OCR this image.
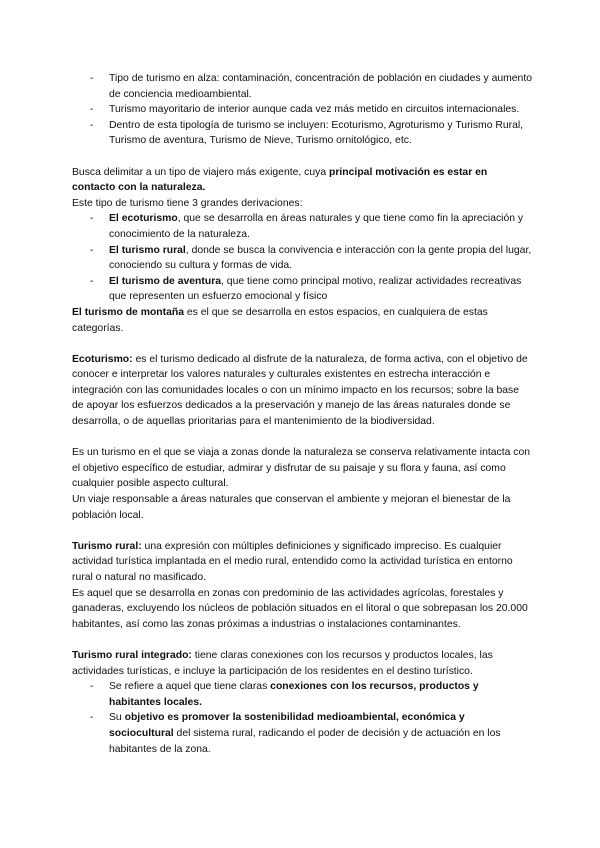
- Tipo de turismo en alza: contaminación, concentración de población en ciudades y aumento de conciencia medioambiental.
- Turismo mayoritario de interior aunque cada vez más metido en circuitos internacionales.
- Dentro de esta tipología de turismo se incluyen: Ecoturismo, Agroturismo y Turismo Rural, Turismo de aventura, Turismo de Nieve, Turismo ornitológico, etc.

Busca delimitar a un tipo de viajero más exigente, cuya principal motivación es estar en contacto con la naturaleza.

Este tipo de turismo tiene 3 grandes derivaciones:

- El ecoturismo, que se desarrolla en áreas naturales y que tiene como fin la apreciación y conocimiento de la naturaleza.
- El turismo rural, donde se busca la convivencia e interacción con la gente propia del lugar, conociendo su cultura y formas de vida.
- El turismo de aventura, que tiene como principal motivo, realizar actividades recreativas que representen un esfuerzo emocional y físico

El turismo de montaña es el que se desarrolla en estos espacios, en cualquiera de estas categorías.

Ecoturismo: es el turismo dedicado al disfrute de la naturaleza, de forma activa, con el objetivo de conocer e interpretar los valores naturales y culturales existentes en estrecha interacción e integración con las comunidades locales o con un mínimo impacto en los recursos; sobre la base de apoyar los esfuerzos dedicados a la preservación y manejo de las áreas naturales donde se desarrolla, o de aquellas prioritarias para el mantenimiento de la biodiversidad.

Es un turismo en el que se viaja a zonas donde la naturaleza se conserva relativamente intacta con el objetivo específico de estudiar, admirar y disfrutar de su paisaje y su flora y fauna, así como cualquier posible aspecto cultural.

Un viaje responsable a áreas naturales que conservan el ambiente y mejoran el bienestar de la población local.

Turismo rural: una expresión con múltiples definiciones y significado impreciso. Es cualquier actividad turística implantada en el medio rural, entendido como la actividad turística en entorno rural o natural no masificado.

Es aquel que se desarrolla en zonas con predominio de las actividades agrícolas, forestales y ganaderas, excluyendo los núcleos de población situados en el litoral o que sobrepasan los 20.000 habitantes, así como las zonas próximas a industrias o instalaciones contaminantes.

Turismo rural integrado: tiene claras conexiones con los recursos y productos locales, las actividades turísticas, e incluye la participación de los residentes en el destino turístico.

- Se refiere a aquel que tiene claras conexiones con los recursos, productos y habitantes locales.
- Su objetivo es promover la sostenibilidad medioambiental, económica y sociocultural del sistema rural, radicando el poder de decisión y de actuación en los habitantes de la zona.
